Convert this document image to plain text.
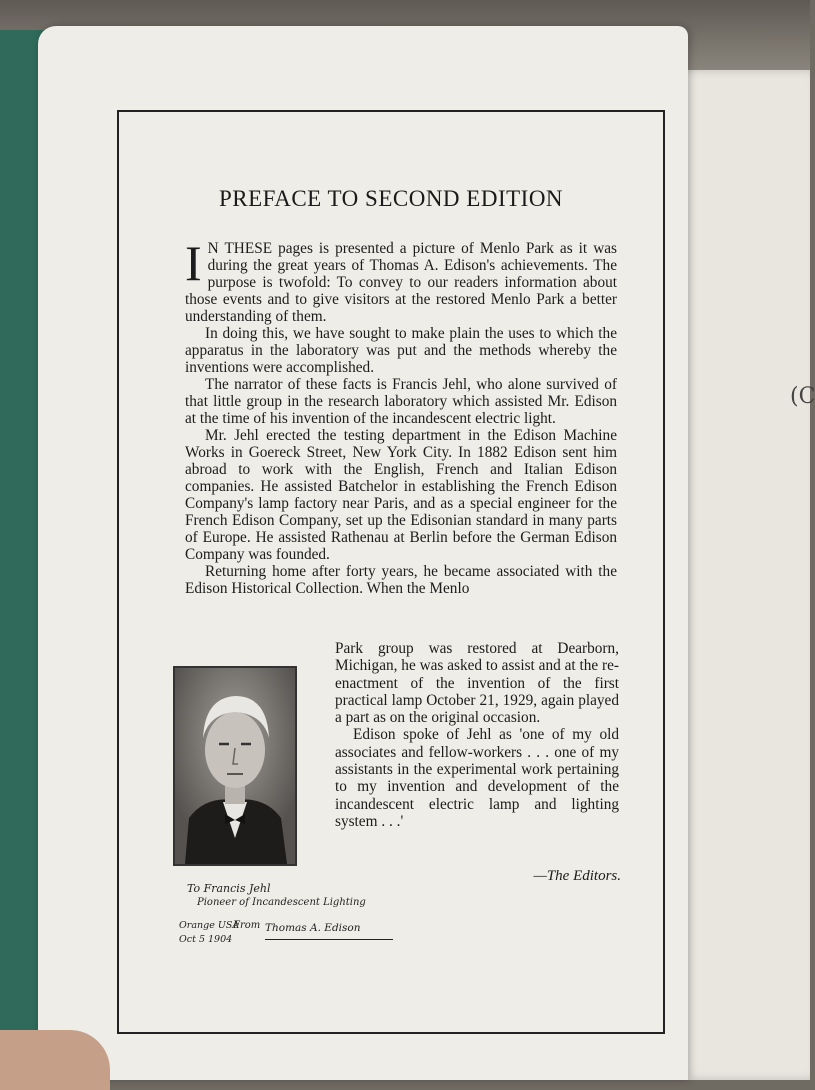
(C
PREFACE TO SECOND EDITION

I N THESE pages is presented a picture of Menlo Park as it was during the great years of Thomas A. Edison's achievements. The purpose is twofold: To convey to our readers information about those events and to give visitors at the restored Menlo Park a better understanding of them.

In doing this, we have sought to make plain the uses to which the apparatus in the laboratory was put and the methods whereby the inventions were accomplished.

The narrator of these facts is Francis Jehl, who alone survived of that little group in the research laboratory which assisted Mr. Edison at the time of his invention of the incandescent electric light.

Mr. Jehl erected the testing department in the Edison Machine Works in Goereck Street, New York City. In 1882 Edison sent him abroad to work with the English, French and Italian Edison companies. He assisted Batchelor in establishing the French Edison Company's lamp factory near Paris, and as a special engineer for the French Edison Company, set up the Edisonian standard in many parts of Europe. He assisted Rathenau at Berlin before the German Edison Company was founded.

Returning home after forty years, he became associated with the Edison Historical Collection. When the Menlo

Park group was restored at Dearborn, Michigan, he was asked to assist and at the re-enactment of the invention of the first practical lamp October 21, 1929, again played a part as on the original occasion.

Edison spoke of Jehl as 'one of my old associates and fellow-workers . . . one of my assistants in the experimental work pertaining to my invention and development of the incandescent electric lamp and lighting system . . .'

—The Editors.
To Francis Jehl
Pioneer of Incandescent Lighting
Orange USA
Oct 5 1904
From Thomas A. Edison
